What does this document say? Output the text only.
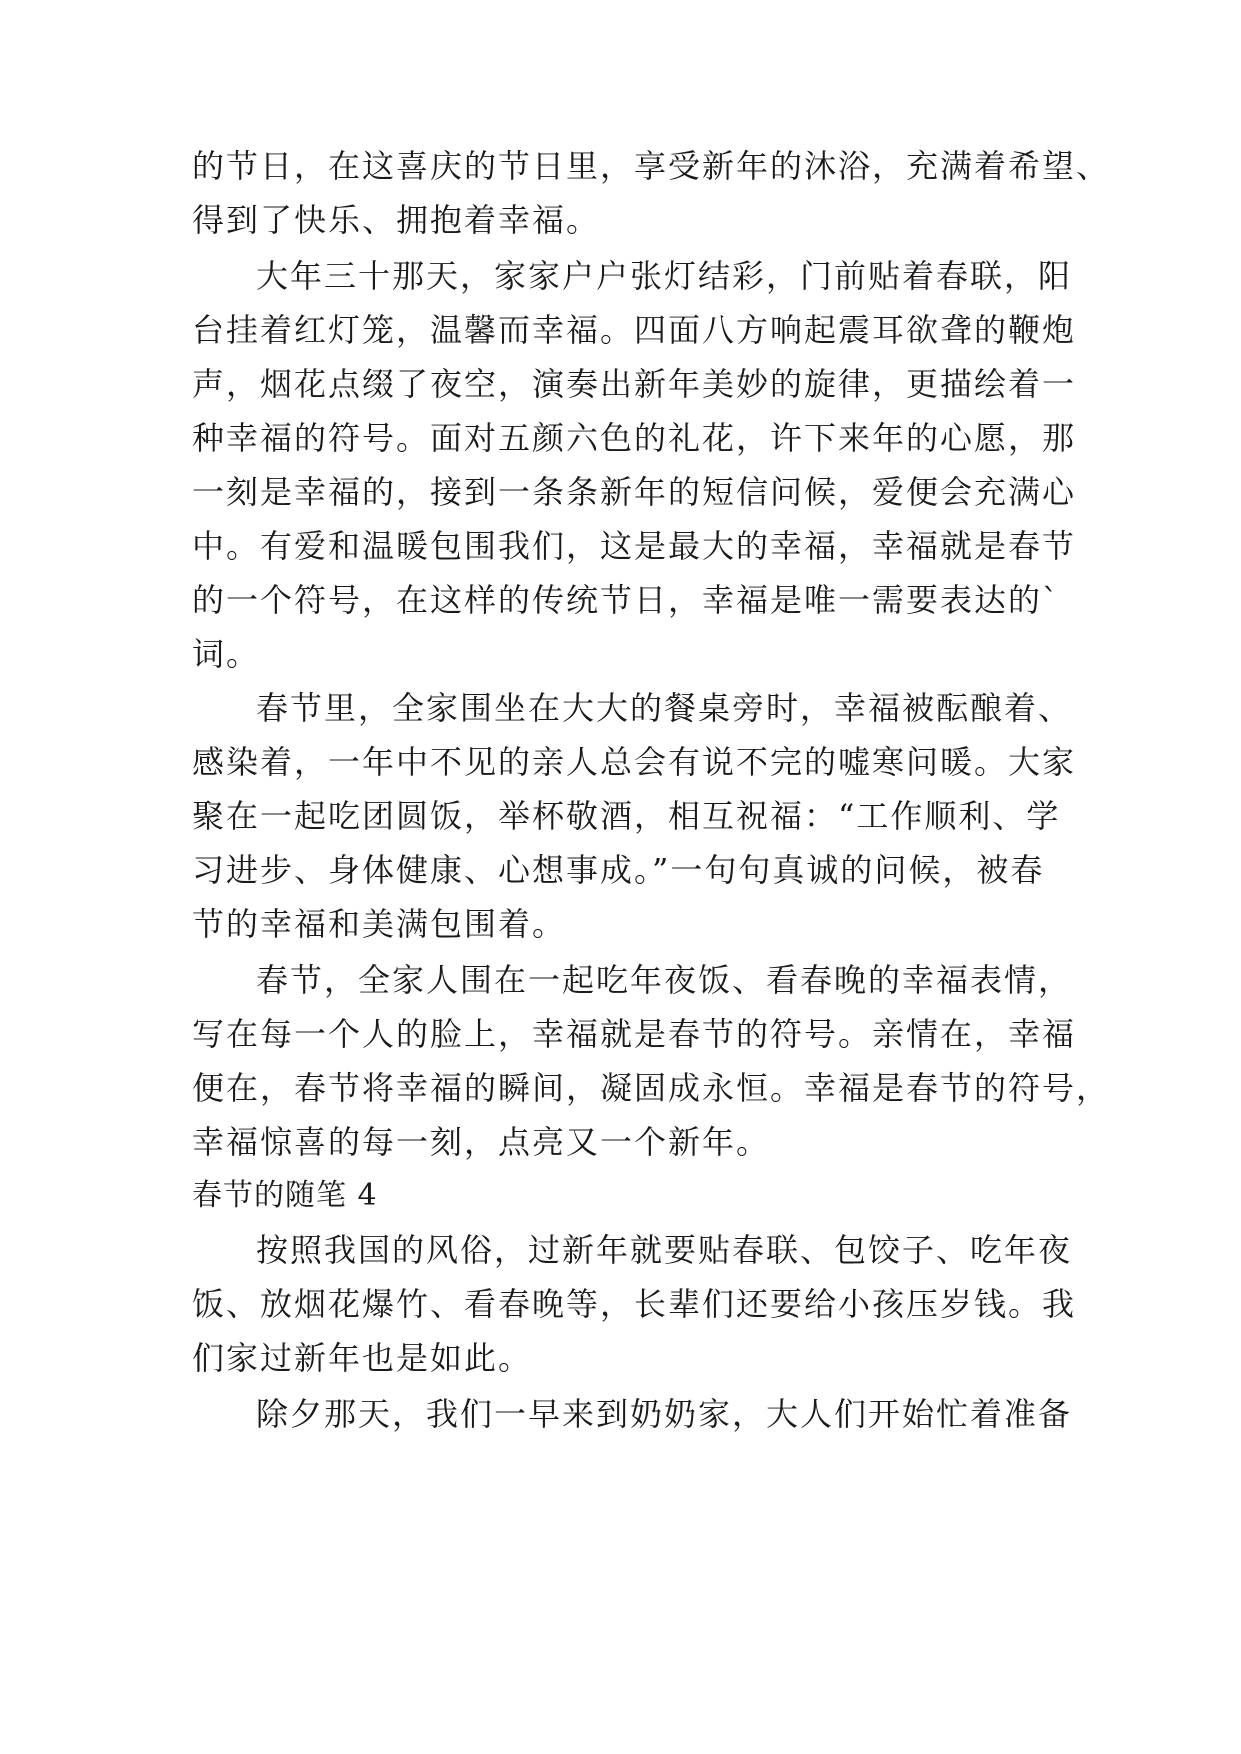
的节日，在这喜庆的节日里，享受新年的沐浴，充满着希望、
得到了快乐、拥抱着幸福。
大年三十那天，家家户户张灯结彩，门前贴着春联，阳
台挂着红灯笼，温馨而幸福。四面八方响起震耳欲聋的鞭炮
声，烟花点缀了夜空，演奏出新年美妙的旋律，更描绘着一
种幸福的符号。面对五颜六色的礼花，许下来年的心愿，那
一刻是幸福的，接到一条条新年的短信问候，爱便会充满心
中。有爱和温暖包围我们，这是最大的幸福，幸福就是春节
的一个符号，在这样的传统节日，幸福是唯一需要表达的`
词。
春节里，全家围坐在大大的餐桌旁时，幸福被酝酿着、
感染着，一年中不见的亲人总会有说不完的嘘寒问暖。大家
聚在一起吃团圆饭，举杯敬酒，相互祝福：“工作顺利、学
习进步、身体健康、心想事成。”一句句真诚的问候，被春
节的幸福和美满包围着。
春节，全家人围在一起吃年夜饭、看春晚的幸福表情，
写在每一个人的脸上，幸福就是春节的符号。亲情在，幸福
便在，春节将幸福的瞬间，凝固成永恒。幸福是春节的符号，
幸福惊喜的每一刻，点亮又一个新年。
春节的随笔 4
按照我国的风俗，过新年就要贴春联、包饺子、吃年夜
饭、放烟花爆竹、看春晚等，长辈们还要给小孩压岁钱。我
们家过新年也是如此。
除夕那天，我们一早来到奶奶家，大人们开始忙着准备
